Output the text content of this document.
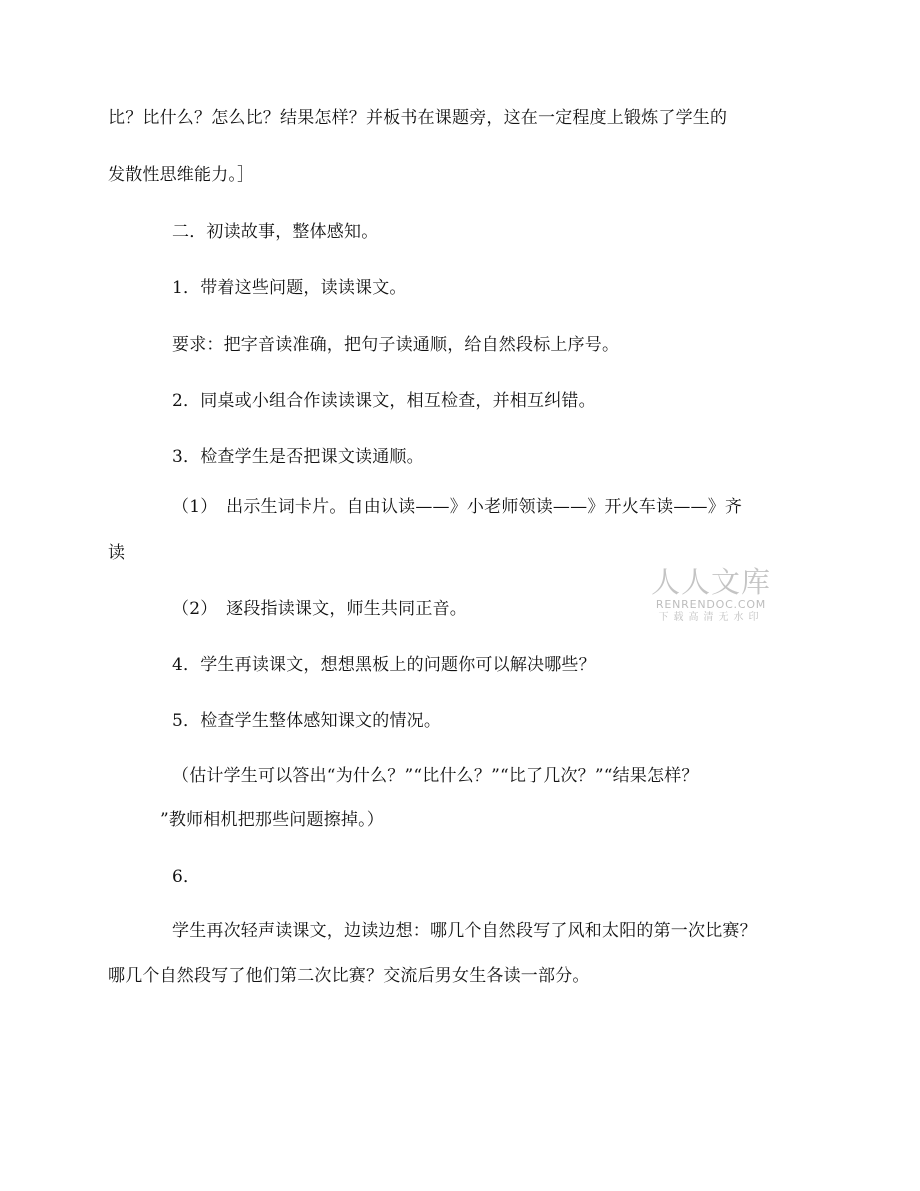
比？比什么？怎么比？结果怎样？并板书在课题旁，这在一定程度上锻炼了学生的
发散性思维能力。］
二．初读故事，整体感知。
1．带着这些问题，读读课文。
要求：把字音读准确，把句子读通顺，给自然段标上序号。
2．同桌或小组合作读读课文，相互检查，并相互纠错。
3．检查学生是否把课文读通顺。
（1）　出示生词卡片。自由认读——》小老师领读——》开火车读——》齐
读
（2）　逐段指读课文，师生共同正音。
4．学生再读课文，想想黑板上的问题你可以解决哪些？
5．检查学生整体感知课文的情况。
（估计学生可以答出“为什么？”“比什么？”“比了几次？”“结果怎样？
”教师相机把那些问题擦掉。）
6．
学生再次轻声读课文，边读边想：哪几个自然段写了风和太阳的第一次比赛？
哪几个自然段写了他们第二次比赛？交流后男女生各读一部分。
人人文库
RENRENDOC.COM
下载高清无水印
